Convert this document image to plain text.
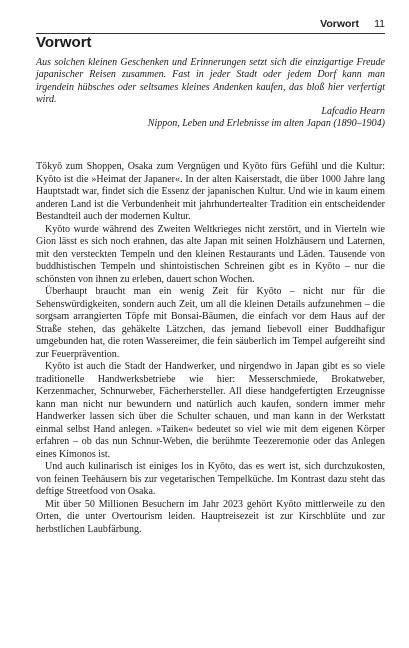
Vorwort 11
Vorwort

Aus solchen kleinen Geschenken und Erinnerungen setzt sich die einzigartige Freude japanischer Reisen zusammen. Fast in jeder Stadt oder jedem Dorf kann man irgendein hübsches oder seltsames kleines Andenken kaufen, das bloß hier verfertigt wird.

Lafcadio Hearn

Nippon, Leben und Erlebnisse im alten Japan (1890–1904)

Tōkyō zum Shoppen, Osaka zum Vergnügen und Kyōto fürs Gefühl und die Kultur: Kyōto ist die »Heimat der Japaner«. In der alten Kaiserstadt, die über 1000 Jahre lang Hauptstadt war, findet sich die Essenz der japanischen Kultur. Und wie in kaum einem anderen Land ist die Verbundenheit mit jahrhundertealter Tradition ein entscheidender Bestandteil auch der modernen Kultur.

Kyōto wurde während des Zweiten Weltkrieges nicht zerstört, und in Vierteln wie Gion lässt es sich noch erahnen, das alte Japan mit seinen Holzhäusern und Laternen, mit den versteckten Tempeln und den kleinen Restaurants und Läden. Tausende von buddhistischen Tempeln und shintoistischen Schreinen gibt es in Kyōto – nur die schönsten von ihnen zu erleben, dauert schon Wochen.

Überhaupt braucht man ein wenig Zeit für Kyōto – nicht nur für die Sehenswürdigkeiten, sondern auch Zeit, um all die kleinen Details aufzunehmen – die sorgsam arrangierten Töpfe mit Bonsai-Bäumen, die einfach vor dem Haus auf der Straße stehen, das gehäkelte Lätzchen, das jemand liebevoll einer Buddhafigur umgebunden hat, die roten Wassereimer, die fein säuberlich im Tempel aufgereiht sind zur Feuerprävention.

Kyōto ist auch die Stadt der Handwerker, und nirgendwo in Japan gibt es so viele traditionelle Handwerksbetriebe wie hier: Messerschmiede, Brokatweber, Kerzenmacher, Schnurweber, Fächerhersteller. All diese handgefertigten Erzeugnisse kann man nicht nur bewundern und natürlich auch kaufen, sondern immer mehr Handwerker lassen sich über die Schulter schauen, und man kann in der Werkstatt einmal selbst Hand anlegen. »Taiken« bedeutet so viel wie mit dem eigenen Körper erfahren – ob das nun Schnur-Weben, die berühmte Teezeremonie oder das Anlegen eines Kimonos ist.

Und auch kulinarisch ist einiges los in Kyōto, das es wert ist, sich durchzukosten, von feinen Teehäusern bis zur vegetarischen Tempelküche. Im Kontrast dazu steht das deftige Streetfood von Osaka.

Mit über 50 Millionen Besuchern im Jahr 2023 gehört Kyōto mittlerweile zu den Orten, die unter Overtourism leiden. Hauptreisezeit ist zur Kirschblüte und zur herbstlichen Laubfärbung.
